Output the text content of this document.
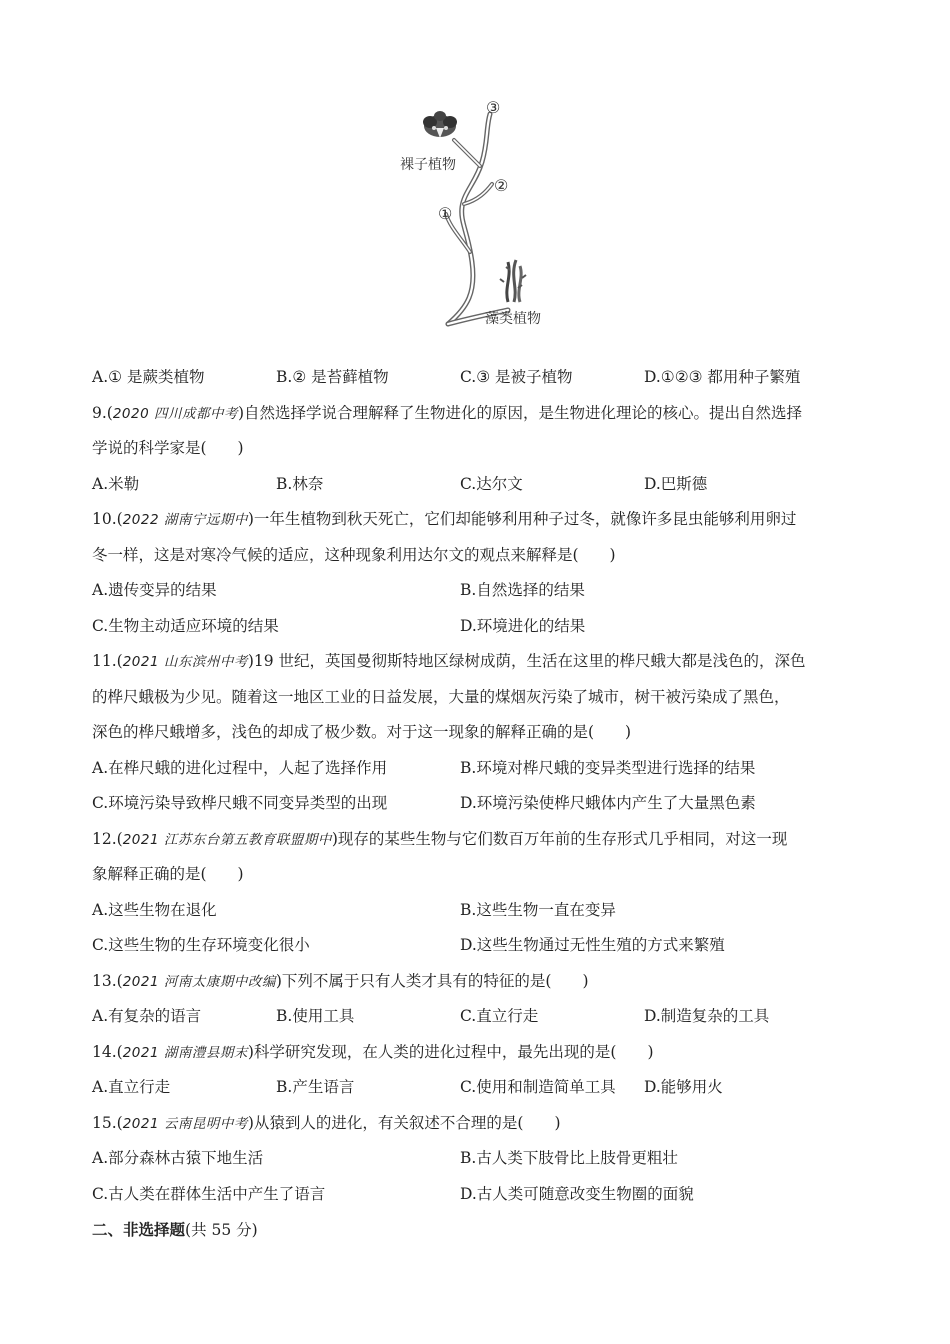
裸子植物
藻类植物
①
②
③
A.① 是蕨类植物	B.② 是苔藓植物	C.③ 是被子植物	D.①②③ 都用种子繁殖
9.(2020 四川成都中考)自然选择学说合理解释了生物进化的原因，是生物进化理论的核心。提出自然选择
学说的科学家是(　　)
A.米勒	B.林奈	C.达尔文	D.巴斯德
10.(2022 湖南宁远期中)一年生植物到秋天死亡，它们却能够利用种子过冬，就像许多昆虫能够利用卵过
冬一样，这是对寒冷气候的适应，这种现象利用达尔文的观点来解释是(　　)
A.遗传变异的结果	B.自然选择的结果
C.生物主动适应环境的结果	D.环境进化的结果
11.(2021 山东滨州中考)19 世纪，英国曼彻斯特地区绿树成荫，生活在这里的桦尺蛾大都是浅色的，深色
的桦尺蛾极为少见。随着这一地区工业的日益发展，大量的煤烟灰污染了城市，树干被污染成了黑色，
深色的桦尺蛾增多，浅色的却成了极少数。对于这一现象的解释正确的是(　　)
A.在桦尺蛾的进化过程中，人起了选择作用	B.环境对桦尺蛾的变异类型进行选择的结果
C.环境污染导致桦尺蛾不同变异类型的出现	D.环境污染使桦尺蛾体内产生了大量黑色素
12.(2021 江苏东台第五教育联盟期中)现存的某些生物与它们数百万年前的生存形式几乎相同，对这一现
象解释正确的是(　　)
A.这些生物在退化	B.这些生物一直在变异
C.这些生物的生存环境变化很小	D.这些生物通过无性生殖的方式来繁殖
13.(2021 河南太康期中改编)下列不属于只有人类才具有的特征的是(　　)
A.有复杂的语言	B.使用工具	C.直立行走	D.制造复杂的工具
14.(2021 湖南澧县期末)科学研究发现，在人类的进化过程中，最先出现的是(　　)
A.直立行走	B.产生语言	C.使用和制造简单工具	D.能够用火
15.(2021 云南昆明中考)从猿到人的进化，有关叙述不合理的是(　　)
A.部分森林古猿下地生活	B.古人类下肢骨比上肢骨更粗壮
C.古人类在群体生活中产生了语言	D.古人类可随意改变生物圈的面貌
二、非选择题(共 55 分)
